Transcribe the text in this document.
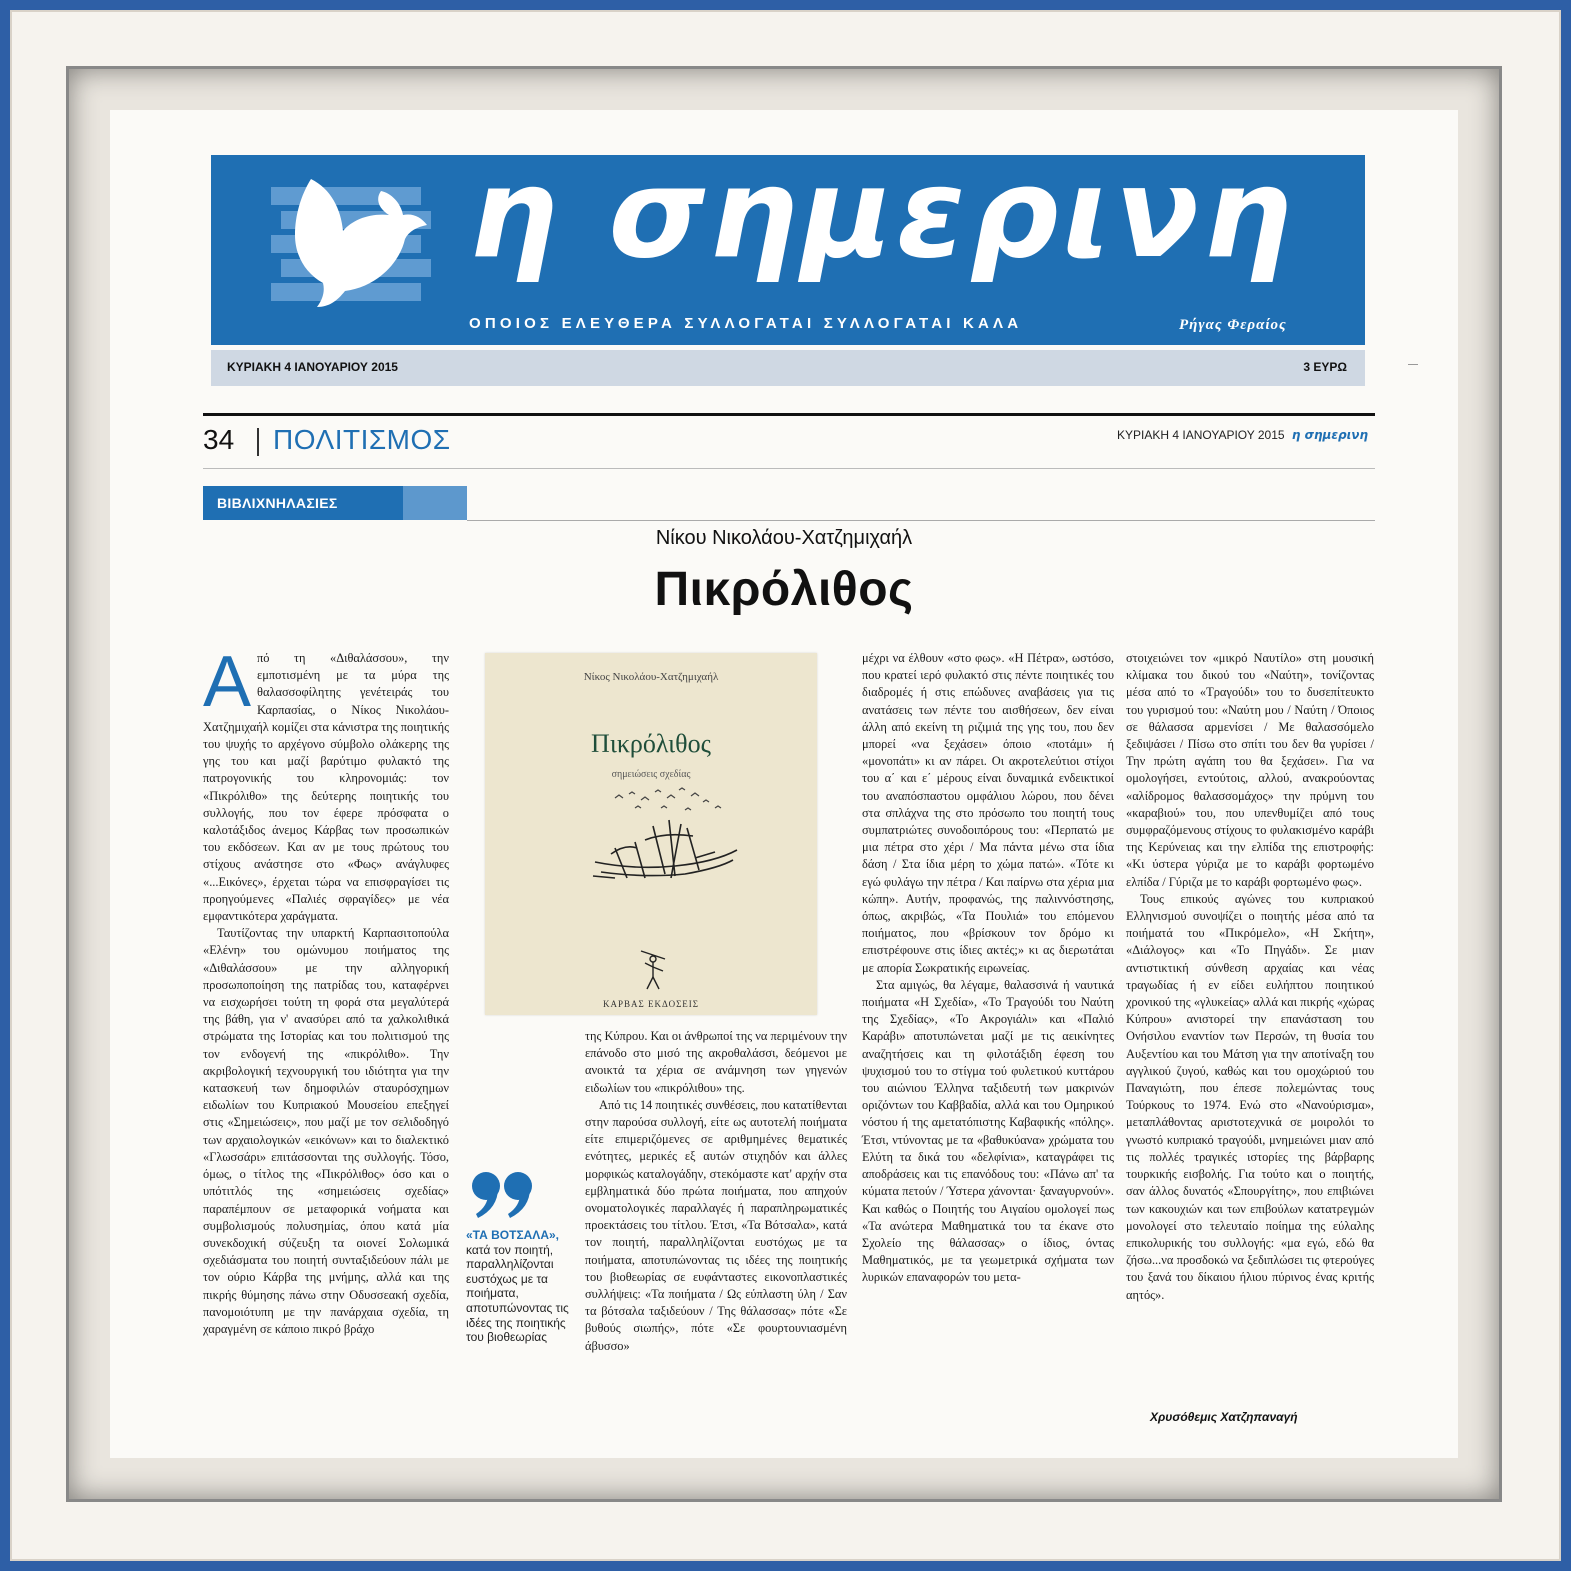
η σημερινη
ΟΠΟΙΟΣ ΕΛΕΥΘΕΡΑ ΣΥΛΛΟΓΑΤΑΙ ΣΥΛΛΟΓΑΤΑΙ ΚΑΛΑ	Ρήγας Φεραίος
ΚΥΡΙΑΚΗ 4 ΙΑΝΟΥΑΡΙΟΥ 2015	3 ΕΥΡΩ
34 ΠΟΛΙΤΙΣΜΟΣ	ΚΥΡΙΑΚΗ 4 ΙΑΝΟΥΑΡΙΟΥ 2015 η σημερινη
ΒΙΒΛΙΧΝΗΛΑΣΙΕΣ
Νίκου Νικολάου-Χατζημιχαήλ
Πικρόλιθος

Από τη «Διθαλάσσου», την εμποτισμένη με τα μύρα της θαλασσοφίλητης γενέτειράς του Καρπασίας, ο Νίκος Νικολάου-Χατζημιχαήλ κομίζει στα κάνιστρα της ποιητικής του ψυχής το αρχέγονο σύμβολο ολάκερης της γης του και μαζί βαρύτιμο φυλακτό της πατρογονικής του κληρονομιάς: τον «Πικρόλιθο» της δεύτερης ποιητικής του συλλογής, που τον έφερε πρόσφατα ο καλοτάξιδος άνεμος Κάρβας των προσωπικών του εκδόσεων. Και αν με τους πρώτους του στίχους ανάστησε στο «Φως» ανάγλυφες «...Εικόνες», έρχεται τώρα να επισφραγίσει τις προηγούμενες «Παλιές σφραγίδες» με νέα εμφαντικότερα χαράγματα.

Ταυτίζοντας την υπαρκτή Καρπασιτοπούλα «Ελένη» του ομώνυμου ποιήματος της «Διθαλάσσου» με την αλληγορική προσωποποίηση της πατρίδας του, καταφέρνει να εισχωρήσει τούτη τη φορά στα μεγαλύτερά της βάθη, για ν' ανασύρει από τα χαλκολιθικά στρώματα της Ιστορίας και του πολιτισμού της τον ενδογενή της «πικρόλιθο». Την ακριβολογική τεχνουργική του ιδιότητα για την κατασκευή των δημοφιλών σταυρόσχημων ειδωλίων του Κυπριακού Μουσείου επεξηγεί στις «Σημειώσεις», που μαζί με τον σελιδοδηγό των αρχαιολογικών «εικόνων» και το διαλεκτικό «Γλωσσάρι» επιτάσσονται της συλλογής. Τόσο, όμως, ο τίτλος της «Πικρόλιθος» όσο και ο υπότιτλός της «σημειώσεις σχεδίας» παραπέμπουν σε μεταφορικά νοήματα και συμβολισμούς πολυσημίας, όπου κατά μία συνεκδοχική σύζευξη τα οιονεί Σολωμικά σχεδιάσματα του ποιητή συνταξιδεύουν πάλι με τον ούριο Κάρβα της μνήμης, αλλά και της πικρής θύμησης πάνω στην Οδυσσεακή σχεδία, πανομοιότυπη με την πανάρχαια σχεδία, τη χαραγμένη σε κάποιο πικρό βράχο

Νίκος Νικολάου-Χατζημιχαήλ
Πικρόλιθος
σημειώσεις σχεδίας
ΚΑΡΒΑΣ ΕΚΔΟΣΕΙΣ
«ΤΑ ΒΟΤΣΑΛΑ», κατά τον ποιητή, παραλληλίζονται ευστόχως με τα ποιήματα, αποτυπώνοντας τις ιδέες της ποιητικής του βιοθεωρίας

της Κύπρου. Και οι άνθρωποί της να περιμένουν την επάνοδο στο μισό της ακροθαλάσσι, δεόμενοι με ανοικτά τα χέρια σε ανάμνηση των γηγενών ειδωλίων του «πικρόλιθου» της.

Από τις 14 ποιητικές συνθέσεις, που κατατίθενται στην παρούσα συλλογή, είτε ως αυτοτελή ποιήματα είτε επιμεριζόμενες σε αριθμημένες θεματικές ενότητες, μερικές εξ αυτών στιχηδόν και άλλες μορφικώς καταλογάδην, στεκόμαστε κατ' αρχήν στα εμβληματικά δύο πρώτα ποιήματα, που απηχούν ονοματολογικές παραλλαγές ή παραπληρωματικές προεκτάσεις του τίτλου. Έτσι, «Τα Βότσαλα», κατά τον ποιητή, παραλληλίζονται ευστόχως με τα ποιήματα, αποτυπώνοντας τις ιδέες της ποιητικής του βιοθεωρίας σε ευφάνταστες εικονοπλαστικές συλλήψεις: «Τα ποιήματα / Ως εύπλαστη ύλη / Σαν τα βότσαλα ταξιδεύουν / Της θάλασσας» πότε «Σε βυθούς σιωπής», πότε «Σε φουρτουνιασμένη άβυσσο»

μέχρι να έλθουν «στο φως». «Η Πέτρα», ωστόσο, που κρατεί ιερό φυλακτό στις πέντε ποιητικές του διαδρομές ή στις επώδυνες αναβάσεις για τις ανατάσεις των πέντε του αισθήσεων, δεν είναι άλλη από εκείνη τη ριζιμιά της γης του, που δεν μπορεί «να ξεχάσει» όποιο «ποτάμι» ή «μονοπάτι» κι αν πάρει. Οι ακροτελεύτιοι στίχοι του α΄ και ε΄ μέρους είναι δυναμικά ενδεικτικοί του αναπόσπαστου ομφάλιου λώρου, που δένει στα σπλάχνα της στο πρόσωπο του ποιητή τους συμπατριώτες συνοδοιπόρους του: «Περπατώ με μια πέτρα στο χέρι / Μα πάντα μένω στα ίδια δάση / Στα ίδια μέρη το χώμα πατώ». «Τότε κι εγώ φυλάγω την πέτρα / Και παίρνω στα χέρια μια κώπη». Αυτήν, προφανώς, της παλιννόστησης, όπως, ακριβώς, «Τα Πουλιά» του επόμενου ποιήματος, που «βρίσκουν τον δρόμο κι επιστρέφουνε στις ίδιες ακτές;» κι ας διερωτάται με απορία Σωκρατικής ειρωνείας.

Στα αμιγώς, θα λέγαμε, θαλασσινά ή ναυτικά ποιήματα «Η Σχεδία», «Το Τραγούδι του Ναύτη της Σχεδίας», «Το Ακρογιάλι» και «Παλιό Καράβι» αποτυπώνεται μαζί με τις αεικίνητες αναζητήσεις και τη φιλοτάξιδη έφεση του ψυχισμού του το στίγμα τού φυλετικού κυττάρου του αιώνιου Έλληνα ταξιδευτή των μακρινών οριζόντων του Καββαδία, αλλά και του Ομηρικού νόστου ή της αμετατόπιστης Καβαφικής «πόλης». Έτσι, ντύνοντας με τα «βαθυκύανα» χρώματα του Ελύτη τα δικά του «δελφίνια», καταγράφει τις αποδράσεις και τις επανόδους του: «Πάνω απ' τα κύματα πετούν / Ύστερα χάνονται· ξαναγυρνούν». Και καθώς ο Ποιητής του Αιγαίου ομολογεί πως «Τα ανώτερα Μαθηματικά του τα έκανε στο Σχολείο της θάλασσας» ο ίδιος, όντας Μαθηματικός, με τα γεωμετρικά σχήματα των λυρικών επαναφορών του μετα-

στοιχειώνει τον «μικρό Ναυτίλο» στη μουσική κλίμακα του δικού του «Ναύτη», τονίζοντας μέσα από το «Τραγούδι» του το δυσεπίτευκτο του γυρισμού του: «Ναύτη μου / Ναύτη / Όποιος σε θάλασσα αρμενίσει / Με θαλασσόμελο ξεδιψάσει / Πίσω στο σπίτι του δεν θα γυρίσει / Την πρώτη αγάπη του θα ξεχάσει». Για να ομολογήσει, εντούτοις, αλλού, ανακρούοντας «αλίδρομος θαλασσομάχος» την πρύμνη του «καραβιού» του, που υπενθυμίζει από τους συμφραζόμενους στίχους το φυλακισμένο καράβι της Κερύνειας και την ελπίδα της επιστροφής: «Κι ύστερα γύριζα με το καράβι φορτωμένο ελπίδα / Γύριζα με το καράβι φορτωμένο φως».

Τους επικούς αγώνες του κυπριακού Ελληνισμού συνοψίζει ο ποιητής μέσα από τα ποιήματά του «Πικρόμελο», «Η Σκήτη», «Διάλογος» και «Το Πηγάδι». Σε μιαν αντιστικτική σύνθεση αρχαίας και νέας τραγωδίας ή εν είδει ευλήπτου ποιητικού χρονικού της «γλυκείας» αλλά και πικρής «χώρας Κύπρου» ανιστορεί την επανάσταση του Ονήσιλου εναντίον των Περσών, τη θυσία του Αυξεντίου και του Μάτση για την αποτίναξη του αγγλικού ζυγού, καθώς και του ομοχώριού του Παναγιώτη, που έπεσε πολεμώντας τους Τούρκους το 1974. Ενώ στο «Νανούρισμα», μεταπλάθοντας αριστοτεχνικά σε μοιρολόι το γνωστό κυπριακό τραγούδι, μνημειώνει μιαν από τις πολλές τραγικές ιστορίες της βάρβαρης τουρκικής εισβολής. Για τούτο και ο ποιητής, σαν άλλος δυνατός «Σπουργίτης», που επιβιώνει των κακουχιών και των επιβούλων κατατρεγμών μονολογεί στο τελευταίο ποίημα της εύλαλης επικολυρικής του συλλογής: «μα εγώ, εδώ θα ζήσω...να προσδοκώ να ξεδιπλώσει τις φτερούγες του ξανά του δίκαιου ήλιου πύρινος ένας κριτής αητός».

Χρυσόθεμις Χατζηπαναγή
